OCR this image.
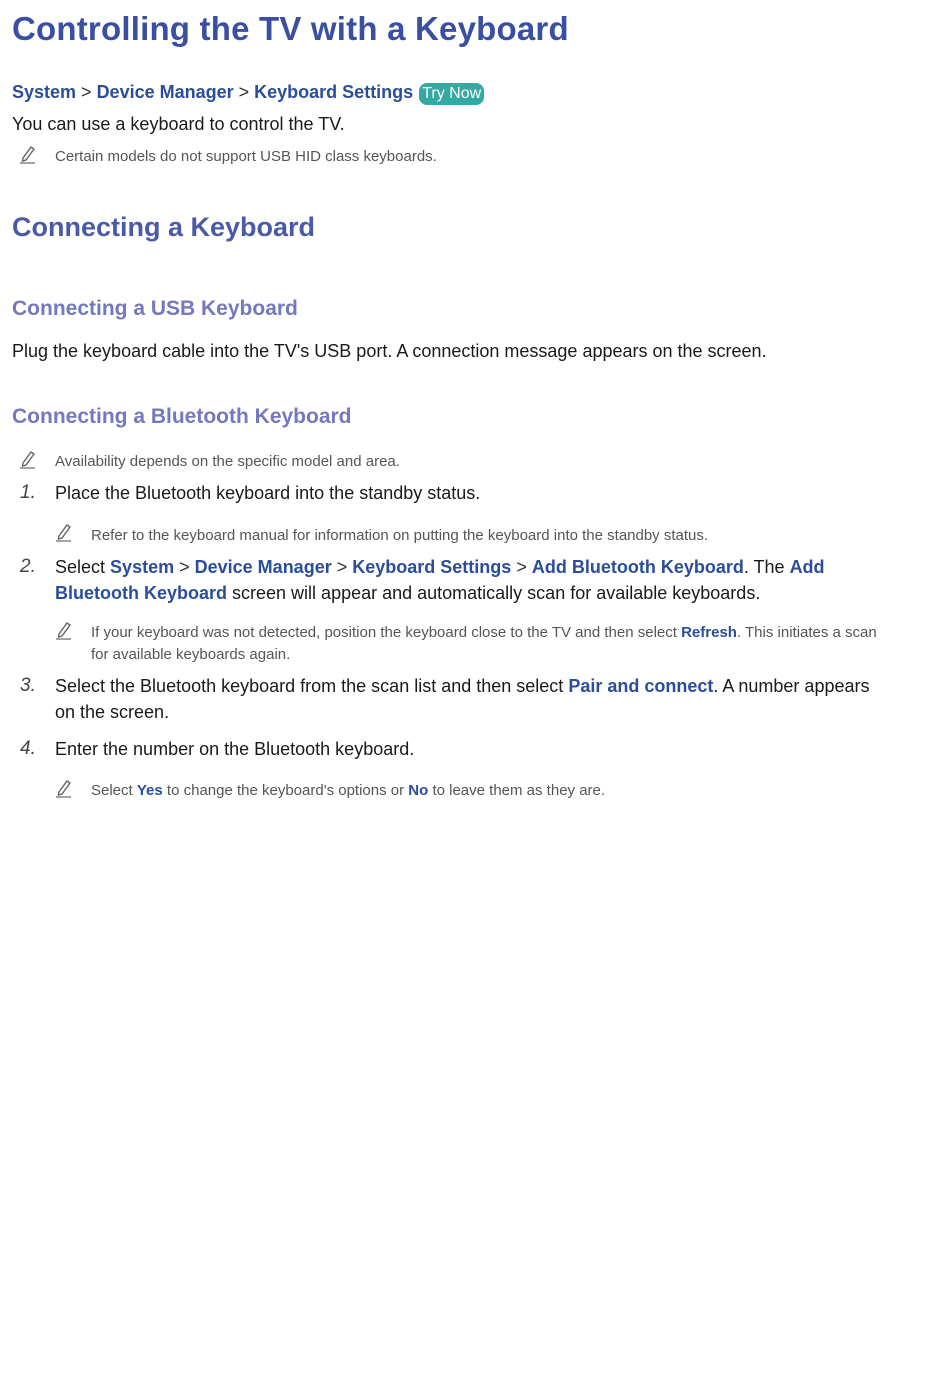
Controlling the TV with a Keyboard
System > Device Manager > Keyboard Settings Try Now
You can use a keyboard to control the TV.
Certain models do not support USB HID class keyboards.
Connecting a Keyboard
Connecting a USB Keyboard
Plug the keyboard cable into the TV's USB port. A connection message appears on the screen.
Connecting a Bluetooth Keyboard
Availability depends on the specific model and area.
1. Place the Bluetooth keyboard into the standby status.
Refer to the keyboard manual for information on putting the keyboard into the standby status.
2. Select System > Device Manager > Keyboard Settings > Add Bluetooth Keyboard. The Add Bluetooth Keyboard screen will appear and automatically scan for available keyboards.
If your keyboard was not detected, position the keyboard close to the TV and then select Refresh. This initiates a scan for available keyboards again.
3. Select the Bluetooth keyboard from the scan list and then select Pair and connect. A number appears on the screen.
4. Enter the number on the Bluetooth keyboard.
Select Yes to change the keyboard's options or No to leave them as they are.
